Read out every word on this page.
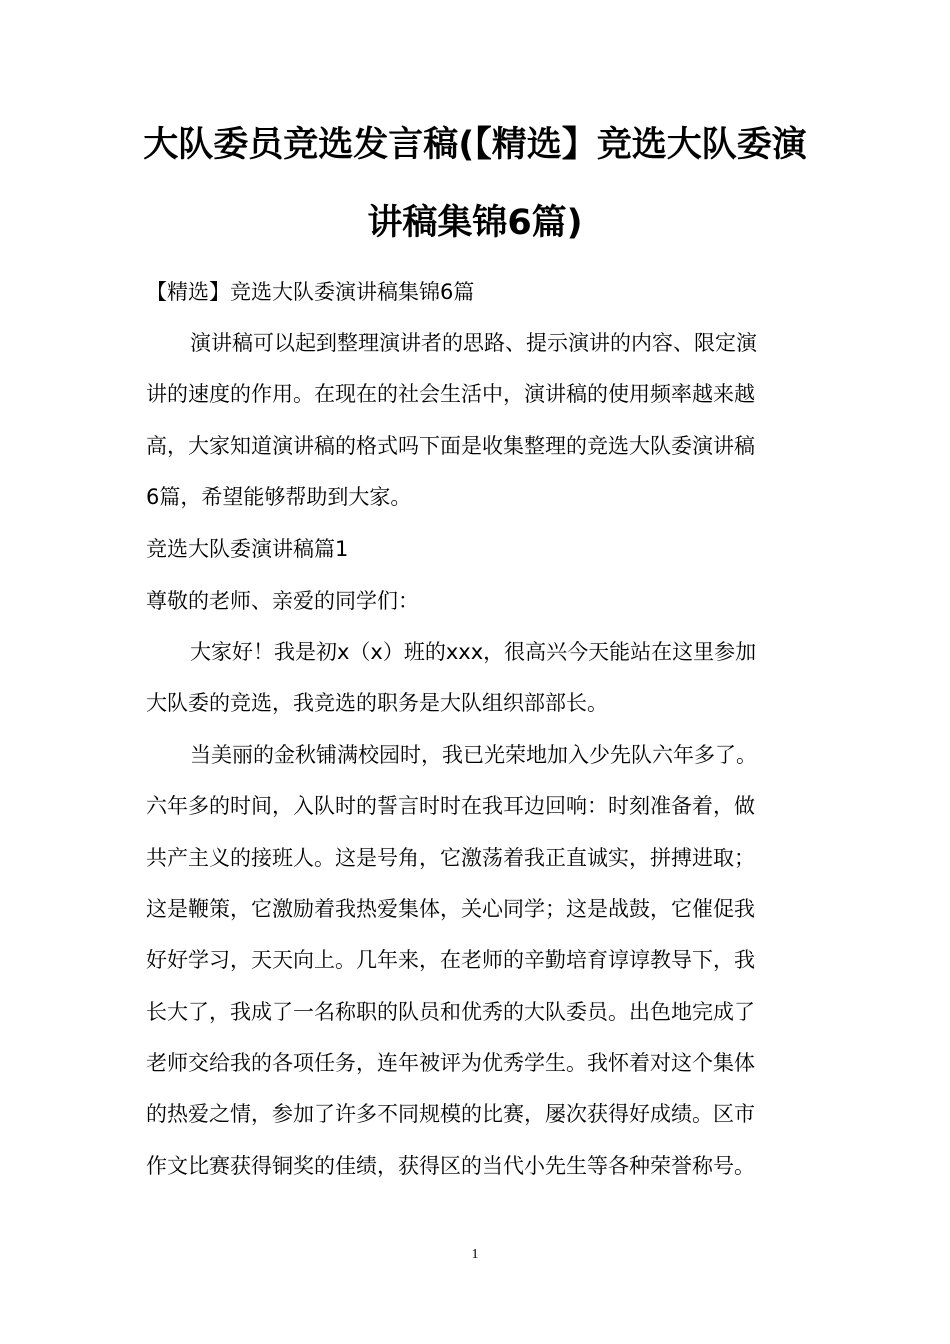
大队委员竞选发言稿(【精选】竞选大队委演
讲稿集锦6篇)
【精选】竞选大队委演讲稿集锦6篇
演讲稿可以起到整理演讲者的思路、提示演讲的内容、限定演
讲的速度的作用。在现在的社会生活中，演讲稿的使用频率越来越
高，大家知道演讲稿的格式吗下面是收集整理的竞选大队委演讲稿
6篇，希望能够帮助到大家。
竞选大队委演讲稿篇1
尊敬的老师、亲爱的同学们：
大家好！我是初x（x）班的xxx，很高兴今天能站在这里参加
大队委的竞选，我竞选的职务是大队组织部部长。
当美丽的金秋铺满校园时，我已光荣地加入少先队六年多了。
六年多的时间，入队时的誓言时时在我耳边回响：时刻准备着，做
共产主义的接班人。这是号角，它激荡着我正直诚实，拼搏进取；
这是鞭策，它激励着我热爱集体，关心同学；这是战鼓，它催促我
好好学习，天天向上。几年来，在老师的辛勤培育谆谆教导下，我
长大了，我成了一名称职的队员和优秀的大队委员。出色地完成了
老师交给我的各项任务，连年被评为优秀学生。我怀着对这个集体
的热爱之情，参加了许多不同规模的比赛，屡次获得好成绩。区市
作文比赛获得铜奖的佳绩，获得区的当代小先生等各种荣誉称号。
1
